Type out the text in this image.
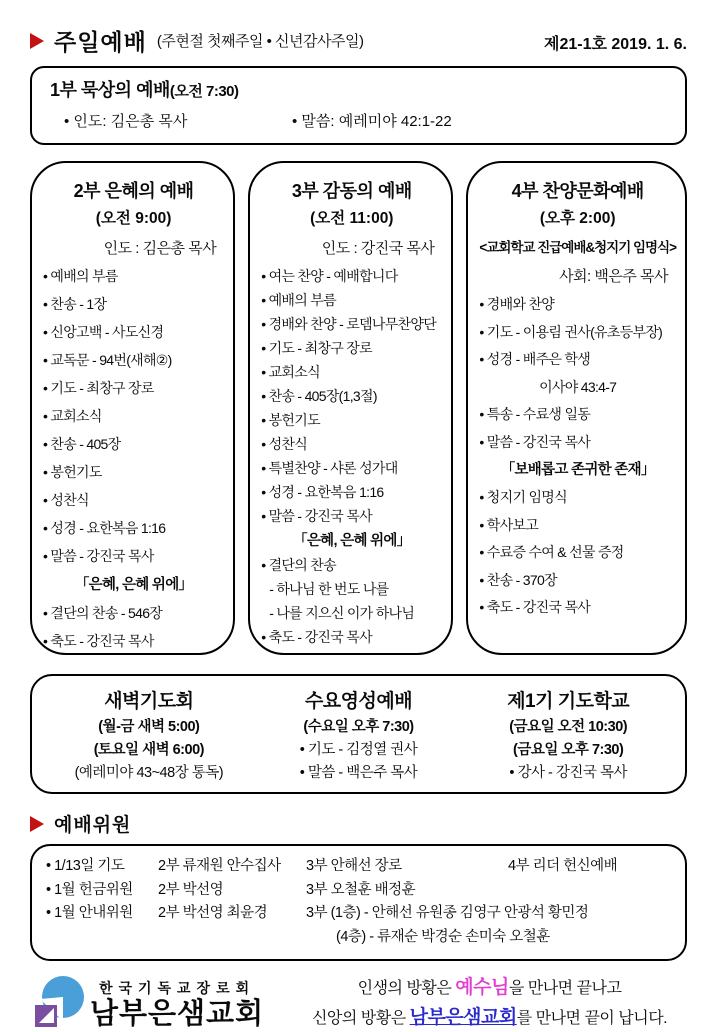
주일예배 (주현절 첫째주일 • 신년감사주일)	제21-1호 2019. 1. 6.
1부 묵상의 예배(오전 7:30)
• 인도: 김은총 목사	• 말씀: 예레미야 42:1-22
2부 은혜의 예배
(오전 9:00)
인도 : 김은총 목사
• 예배의 부름
• 찬송 - 1장
• 신앙고백 - 사도신경
• 교독문 - 94번(새해②)
• 기도 - 최창구 장로
• 교회소식
• 찬송 - 405장
• 봉헌기도
• 성찬식
• 성경 - 요한복음 1:16
• 말씀 - 강진국 목사
「은혜, 은혜 위에」
• 결단의 찬송 - 546장
• 축도 - 강진국 목사
3부 감동의 예배
(오전 11:00)
인도 : 강진국 목사
• 여는 찬양 - 예배합니다
• 예배의 부름
• 경배와 찬양 - 로뎀나무찬양단
• 기도 - 최창구 장로
• 교회소식
• 찬송 - 405장(1,3절)
• 봉헌기도
• 성찬식
• 특별찬양 - 샤론 성가대
• 성경 - 요한복음 1:16
• 말씀 - 강진국 목사
「은혜, 은혜 위에」
• 결단의 찬송
- 하나님 한 번도 나를
- 나를 지으신 이가 하나님
• 축도 - 강진국 목사
4부 찬양문화예배
(오후 2:00)
<교회학교 진급예배&청지기 임명식>
사회: 백은주 목사
• 경배와 찬양
• 기도 - 이용림 권사(유초등부장)
• 성경 - 배주은 학생
이사야 43:4-7
• 특송 - 수료생 일동
• 말씀 - 강진국 목사
「보배롭고 존귀한 존재」
• 청지기 임명식
• 학사보고
• 수료증 수여 & 선물 증정
• 찬송 - 370장
• 축도 - 강진국 목사
새벽기도회
(월-금 새벽 5:00)
(토요일 새벽 6:00)
(예레미야 43~48장 통독)
수요영성예배
(수요일 오후 7:30)
• 기도 - 김정열 권사
• 말씀 - 백은주 목사
제1기 기도학교
(금요일 오전 10:30)
(금요일 오후 7:30)
• 강사 - 강진국 목사
예배위원
• 1/13일 기도	2부 류재원 안수집사	3부 안해선 장로	4부 리더 헌신예배
• 1월 헌금위원	2부 박선영	3부 오철훈 배정훈
• 1월 안내위원	2부 박선영 최윤경	3부 (1층) - 안해선 유원종 김영구 안광석 황민정
(4층) - 류재순 박경순 손미숙 오철훈
한국기독교장로회
남부은샘교회
인생의 방황은 예수님을 만나면 끝나고
신앙의 방황은 남부은샘교회를 만나면 끝이 납니다.
